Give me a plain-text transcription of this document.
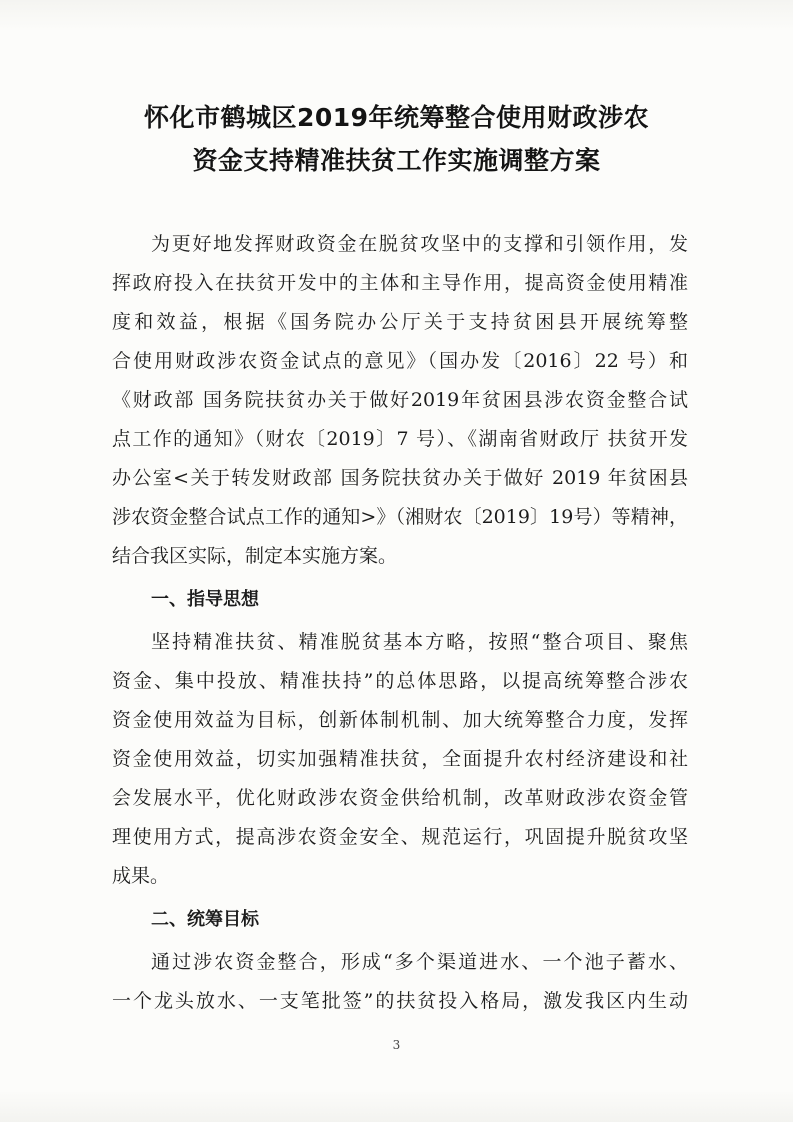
怀化市鹤城区2019年统筹整合使用财政涉农
资金支持精准扶贫工作实施调整方案
为更好地发挥财政资金在脱贫攻坚中的支撑和引领作用，发
挥政府投入在扶贫开发中的主体和主导作用，提高资金使用精准
度和效益，根据《国务院办公厅关于支持贫困县开展统筹整
合使用财政涉农资金试点的意见》（国办发〔2016〕22 号）和
《财政部 国务院扶贫办关于做好2019年贫困县涉农资金整合试
点工作的通知》（财农〔2019〕7 号）、《湖南省财政厅 扶贫开发
办公室<关于转发财政部 国务院扶贫办关于做好 2019 年贫困县
涉农资金整合试点工作的通知>》（湘财农〔2019〕19号）等精神，
结合我区实际，制定本实施方案。
一、指导思想
坚持精准扶贫、精准脱贫基本方略，按照“整合项目、聚焦
资金、集中投放、精准扶持”的总体思路，以提高统筹整合涉农
资金使用效益为目标，创新体制机制、加大统筹整合力度，发挥
资金使用效益，切实加强精准扶贫，全面提升农村经济建设和社
会发展水平，优化财政涉农资金供给机制，改革财政涉农资金管
理使用方式，提高涉农资金安全、规范运行，巩固提升脱贫攻坚
成果。
二、统筹目标
通过涉农资金整合，形成“多个渠道进水、一个池子蓄水、
一个龙头放水、一支笔批签”的扶贫投入格局，激发我区内生动
3
